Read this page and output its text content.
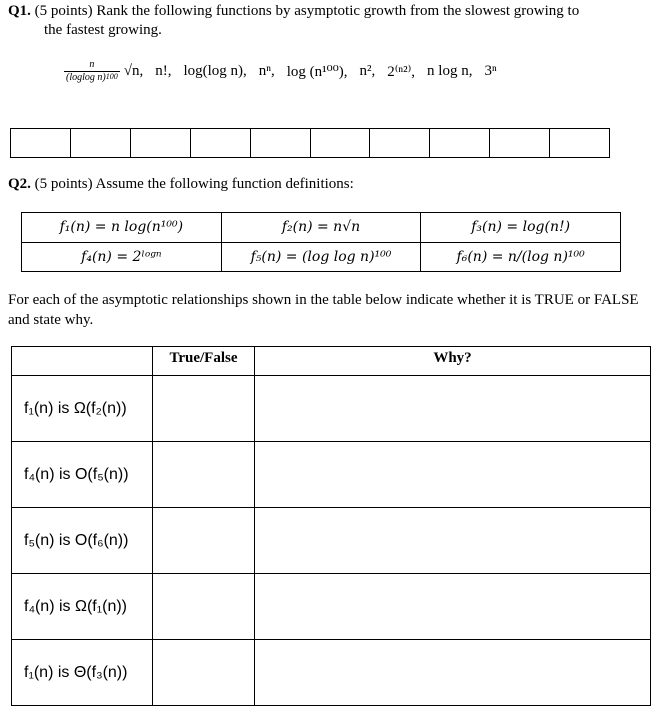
Q1. (5 points) Rank the following functions by asymptotic growth from the slowest growing to
the fastest growing.
$\frac{n}{\text{(loglog n)100}} √n$, n!, log(log n), nⁿ, log (n¹⁰⁰), n², 2⁽ⁿ²⁾, n log n, 3ⁿ
Q2. (5 points) Assume the following function definitions:
f₁(n) = n log(n¹⁰⁰)	f₂(n) = n√n	f₃(n) = log(n!)
f₄(n) = 2ˡᵒᵍⁿ	f₅(n) = (log log n)¹⁰⁰	f₆(n) = n/(log n)¹⁰⁰
For each of the asymptotic relationships shown in the table below indicate whether it is TRUE or FALSE and state why.
	True/False	Why?
f₁(n) is Ω(f₂(n))		
f₄(n) is O(f₅(n))		
f₅(n) is O(f₆(n))		
f₄(n) is Ω(f₁(n))		
f₁(n) is Θ(f₃(n))		
